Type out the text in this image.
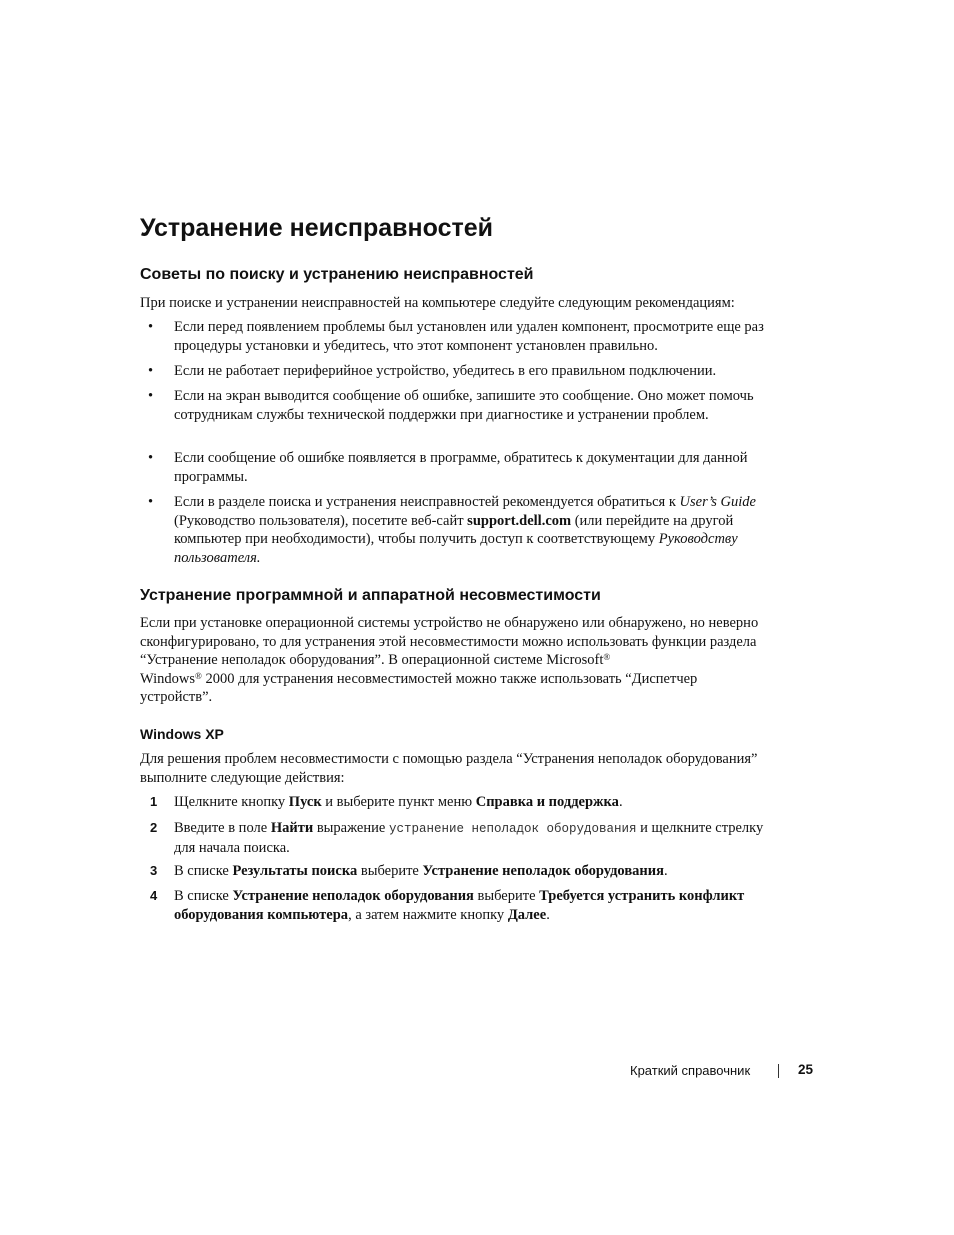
Устранение неисправностей
Советы по поиску и устранению неисправностей

При поиске и устранении неисправностей на компьютере следуйте следующим рекомендациям:

• Если перед появлением проблемы был установлен или удален компонент, просмотрите еще раз процедуры установки и убедитесь, что этот компонент установлен правильно.

• Если не работает периферийное устройство, убедитесь в его правильном подключении.

• Если на экран выводится сообщение об ошибке, запишите это сообщение. Оно может помочь сотрудникам службы технической поддержки при диагностике и устранении проблем.

• Если сообщение об ошибке появляется в программе, обратитесь к документации для данной программы.

• Если в разделе поиска и устранения неисправностей рекомендуется обратиться к User’s Guide (Руководство пользователя), посетите веб-сайт support.dell.com (или перейдите на другой компьютер при необходимости), чтобы получить доступ к соответствующему Руководству пользователя.

Устранение программной и аппаратной несовместимости

Если при установке операционной системы устройство не обнаружено или обнаружено, но неверно сконфигурировано, то для устранения этой несовместимости можно использовать функции раздела “Устранение неполадок оборудования”. В операционной системе Microsoft®
Windows® 2000 для устранения несовместимостей можно также использовать “Диспетчер устройств”.

Windows XP

Для решения проблем несовместимости с помощью раздела “Устранения неполадок оборудования” выполните следующие действия:

1 Щелкните кнопку Пуск и выберите пункт меню Справка и поддержка.

2 Введите в поле Найти выражение устранение неполадок оборудования и щелкните стрелку для начала поиска.

3 В списке Результаты поиска выберите Устранение неполадок оборудования.

4 В списке Устранение неполадок оборудования выберите Требуется устранить конфликт оборудования компьютера, а затем нажмите кнопку Далее.

Краткий справочник	25
